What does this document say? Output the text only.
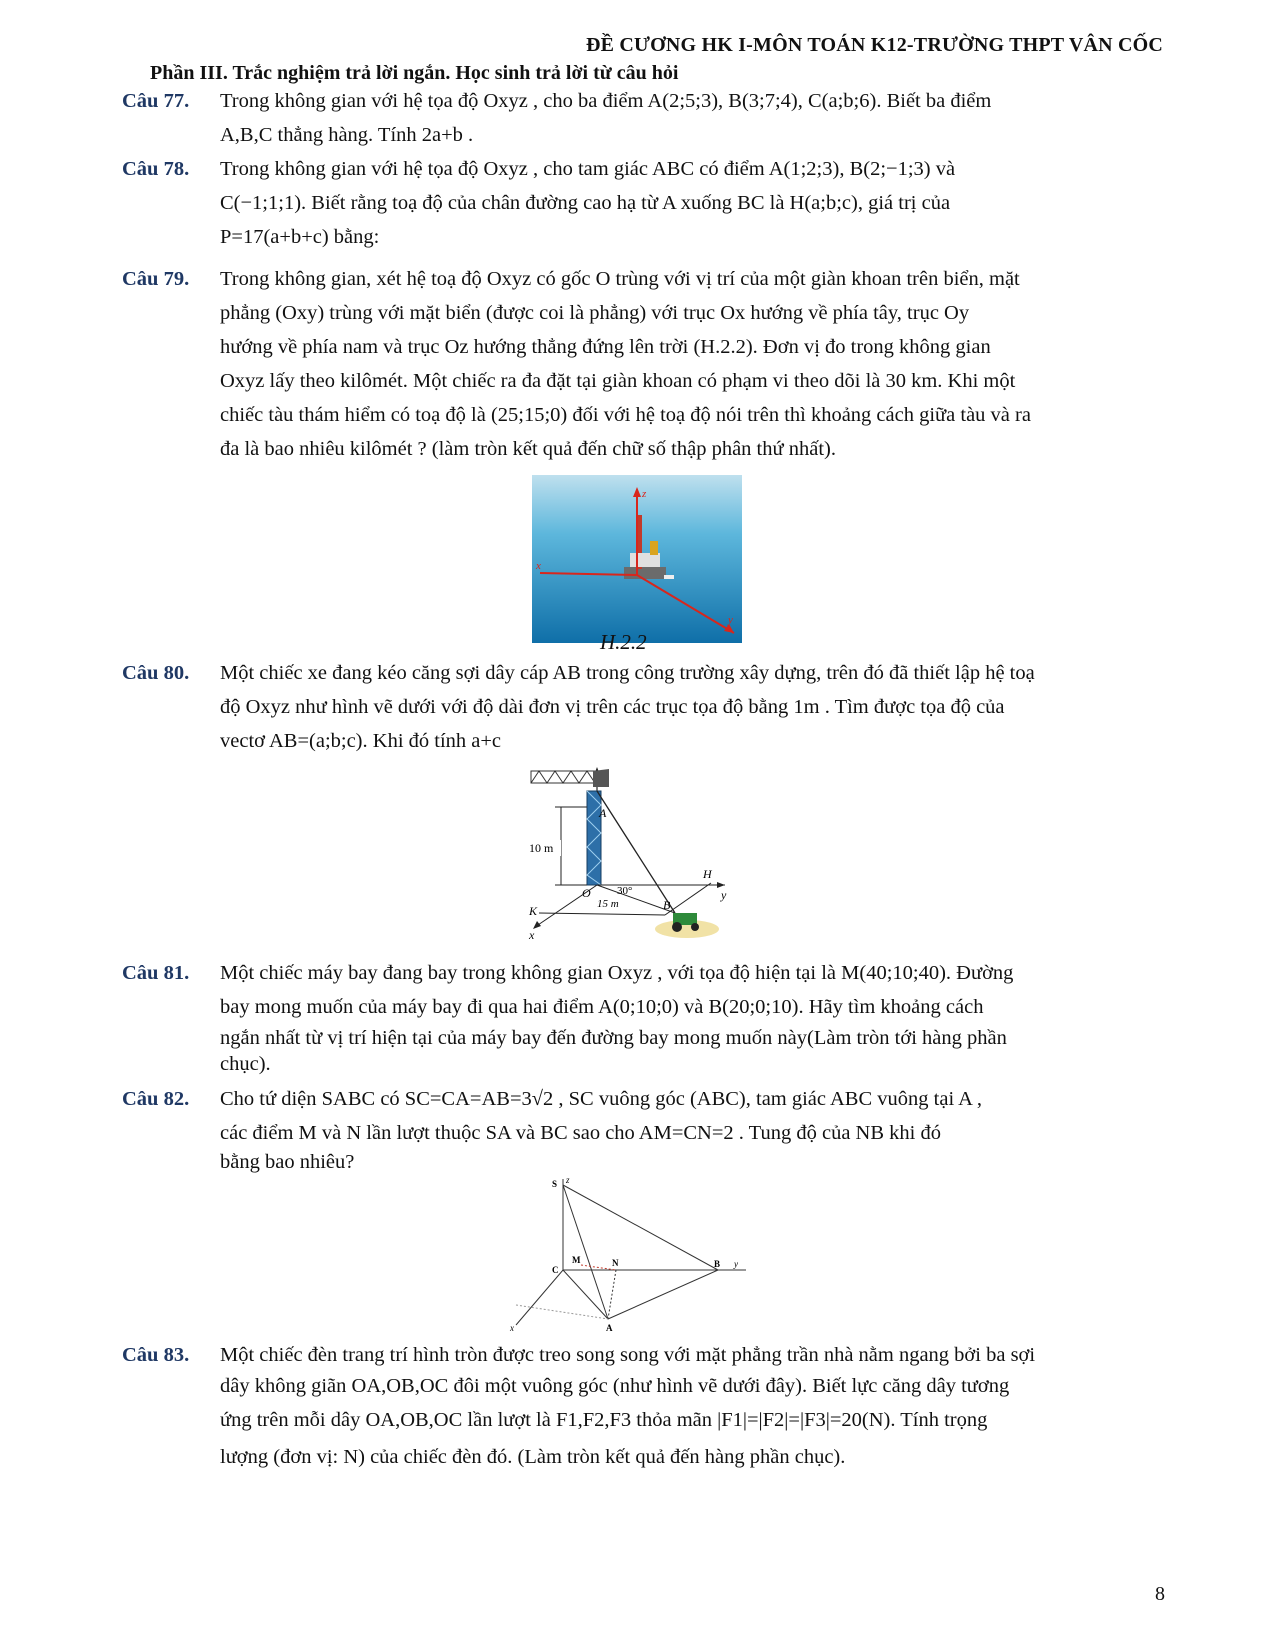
ĐỀ CƯƠNG HK I-MÔN TOÁN K12-TRƯỜNG THPT VÂN CỐC
Phần III. Trắc nghiệm trả lời ngắn. Học sinh trả lời từ câu hỏi
Câu 77. Trong không gian với hệ tọa độ Oxyz , cho ba điểm A(2;5;3), B(3;7;4), C(a;b;6). Biết ba điểm

A,B,C thẳng hàng. Tính 2a+b .

Câu 78. Trong không gian với hệ tọa độ Oxyz , cho tam giác ABC có điểm A(1;2;3), B(2;−1;3) và

C(−1;1;1). Biết rằng toạ độ của chân đường cao hạ từ A xuống BC là H(a;b;c), giá trị của

P=17(a+b+c) bằng:

Câu 79. Trong không gian, xét hệ toạ độ Oxyz có gốc O trùng với vị trí của một giàn khoan trên biển, mặt

phẳng (Oxy) trùng với mặt biển (được coi là phẳng) với trục Ox hướng về phía tây, trục Oy

hướng về phía nam và trục Oz hướng thẳng đứng lên trời (H.2.2). Đơn vị đo trong không gian

Oxyz lấy theo kilômét. Một chiếc ra đa đặt tại giàn khoan có phạm vi theo dõi là 30 km. Khi một

chiếc tàu thám hiểm có toạ độ là (25;15;0) đối với hệ toạ độ nói trên thì khoảng cách giữa tàu và ra

đa là bao nhiêu kilômét ? (làm tròn kết quả đến chữ số thập phân thứ nhất).

z
x
y
H.2.2
Câu 80. Một chiếc xe đang kéo căng sợi dây cáp AB trong công trường xây dựng, trên đó đã thiết lập hệ toạ

độ Oxyz như hình vẽ dưới với độ dài đơn vị trên các trục tọa độ bằng 1m . Tìm được tọa độ của

vectơ AB=(a;b;c). Khi đó tính a+c

A
10 m
H
y
O 30°
15 m
K
x
B
Câu 81. Một chiếc máy bay đang bay trong không gian Oxyz , với tọa độ hiện tại là M(40;10;40). Đường

bay mong muốn của máy bay đi qua hai điểm A(0;10;0) và B(20;0;10). Hãy tìm khoảng cách

ngắn nhất từ vị trí hiện tại của máy bay đến đường bay mong muốn này(Làm tròn tới hàng phần

chục).

Câu 82. Cho tứ diện SABC có SC=CA=AB=3√2 , SC vuông góc (ABC), tam giác ABC vuông tại A ,

các điểm M và N lần lượt thuộc SA và BC sao cho AM=CN=2 . Tung độ của NB khi đó

bằng bao nhiêu?

S z
C
M	N	B y
x	A
Câu 83. Một chiếc đèn trang trí hình tròn được treo song song với mặt phẳng trần nhà nằm ngang bởi ba sợi

dây không giãn OA,OB,OC đôi một vuông góc (như hình vẽ dưới đây). Biết lực căng dây tương

ứng trên mỗi dây OA,OB,OC lần lượt là F1,F2,F3 thỏa mãn |F1|=|F2|=|F3|=20(N). Tính trọng

lượng (đơn vị: N) của chiếc đèn đó. (Làm tròn kết quả đến hàng phần chục).

8
